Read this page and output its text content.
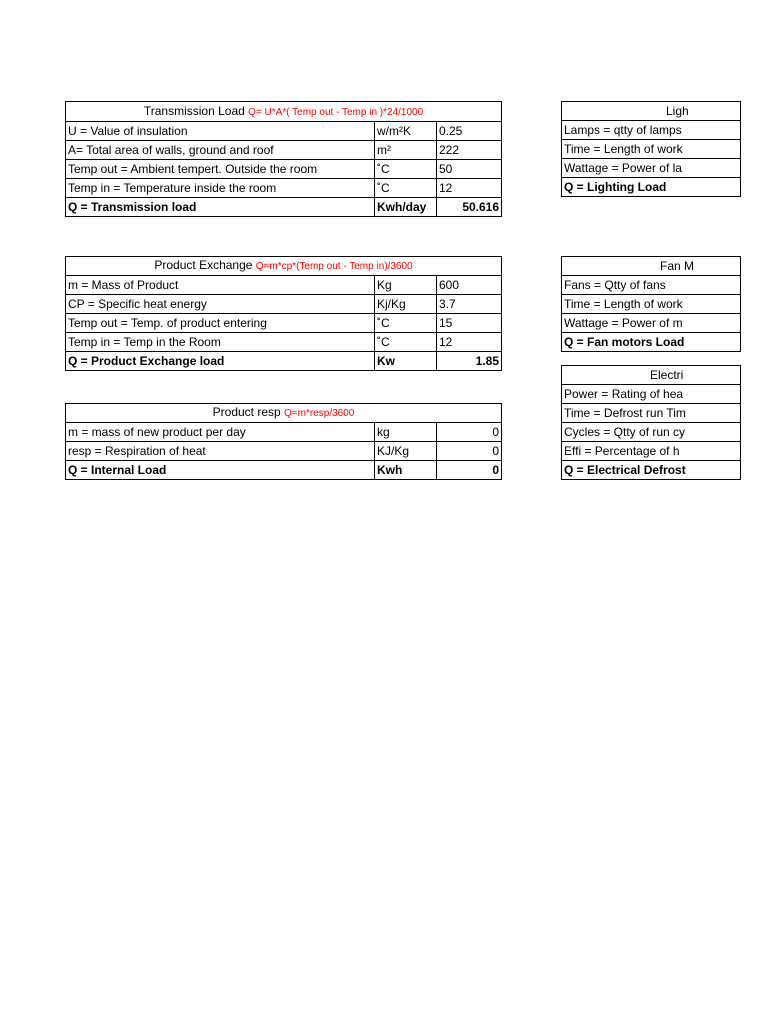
Transmission Load Q= U*A*( Temp out - Temp in )*24/1000		
U = Value of insulation	w/m²K	0.25
A= Total area of walls, ground and roof	m²	222
Temp out = Ambient tempert. Outside the room	˚C	50
Temp in = Temperature inside the room	˚C	12
Q = Transmission load	Kwh/day	50.616
Product Exchange Q=m*cp*(Temp out - Temp in)/3600		
m = Mass of Product	Kg	600
CP = Specific heat energy	Kj/Kg	3.7
Temp out = Temp. of product entering	˚C	15
Temp in = Temp in the Room	˚C	12
Q = Product Exchange load	Kw	1.85
Product resp Q=m*resp/3600		
m = mass of new product per day	kg	0
resp = Respiration of heat	KJ/Kg	0
Q = Internal Load	Kwh	0
Ligh
Lamps = qtty of lamps
Time = Length of work
Wattage = Power of la
Q = Lighting Load
Fan M
Fans = Qtty of fans
Time = Length of work
Wattage = Power of m
Q = Fan motors Load
Electri
Power = Rating of hea
Time = Defrost run Tim
Cycles = Qtty of run cy
Effi = Percentage of h
Q = Electrical Defrost
